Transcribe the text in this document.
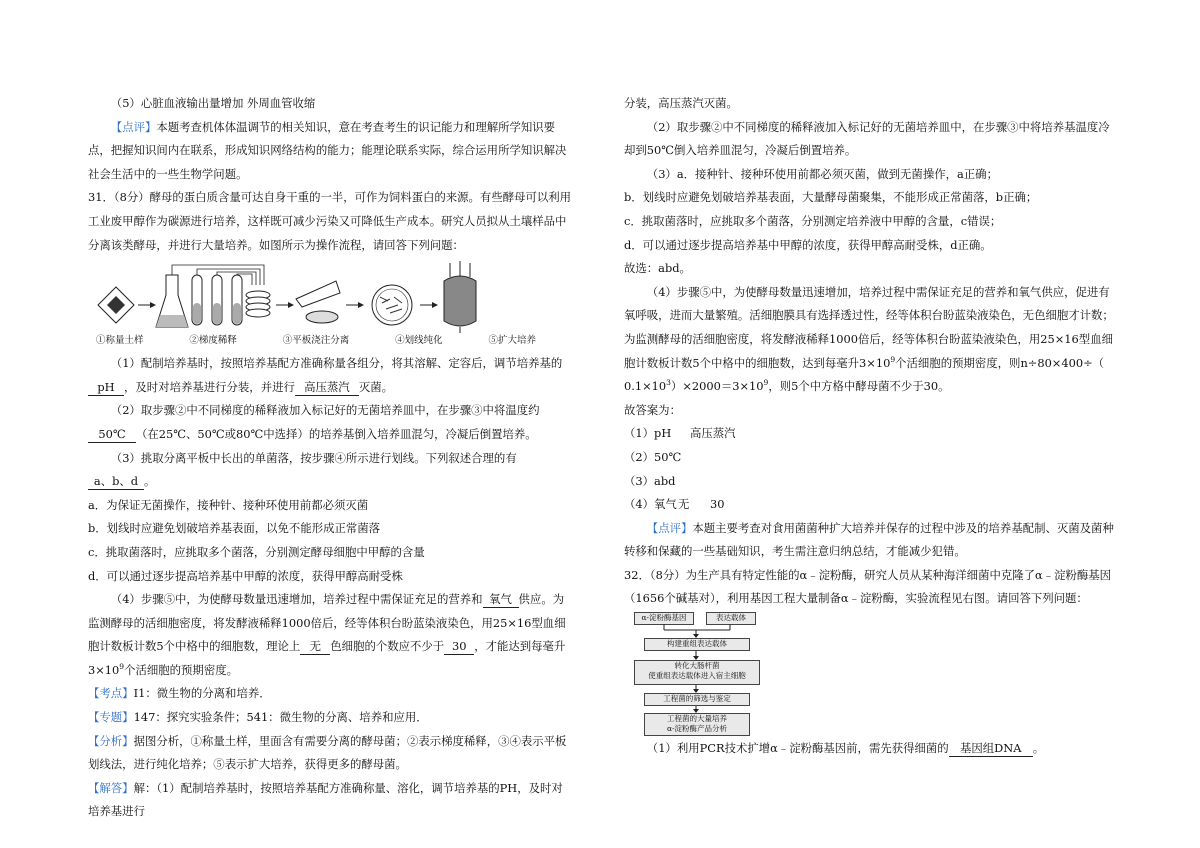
（5）心脏血液输出量增加 外周血管收缩

【点评】本题考查机体体温调节的相关知识，意在考查考生的识记能力和理解所学知识要点，把握知识间内在联系，形成知识网络结构的能力；能理论联系实际，综合运用所学知识解决社会生活中的一些生物学问题。

31．（8分）酵母的蛋白质含量可达自身干重的一半，可作为饲料蛋白的来源。有些酵母可以利用工业废甲醇作为碳源进行培养，这样既可减少污染又可降低生产成本。研究人员拟从土壤样品中分离该类酵母，并进行大量培养。如图所示为操作流程，请回答下列问题：

①称量土样	②梯度稀释	③平板浇注分离	④划线纯化	⑤扩大培养

（1）配制培养基时，按照培养基配方准确称量各组分，将其溶解、定容后，调节培养基的pH ，及时对培养基进行分装，并进行 高压蒸汽 灭菌。

（2）取步骤②中不同梯度的稀释液加入标记好的无菌培养皿中，在步骤③中将温度约50℃ （在25℃、50℃或80℃中选择）的培养基倒入培养皿混匀，冷凝后倒置培养。

（3）挑取分离平板中长出的单菌落，按步骤④所示进行划线。下列叙述合理的有a、b、d 。

a．为保证无菌操作，接种针、接种环使用前都必须灭菌

b．划线时应避免划破培养基表面，以免不能形成正常菌落

c．挑取菌落时，应挑取多个菌落，分别测定酵母细胞中甲醇的含量

d．可以通过逐步提高培养基中甲醇的浓度，获得甲醇高耐受株

（4）步骤⑤中，为使酵母数量迅速增加，培养过程中需保证充足的营养和 氧气 供应。为监测酵母的活细胞密度，将发酵液稀释1000倍后，经等体积台盼蓝染液染色，用25×16型血细胞计数板计数5个中格中的细胞数，理论上 无 色细胞的个数应不少于 30 ，才能达到每毫升$3\times 10^9$个活细胞的预期密度。

【考点】I1：微生物的分离和培养．

【专题】147：探究实验条件；541：微生物的分离、培养和应用．

【分析】据图分析，①称量土样，里面含有需要分离的酵母菌；②表示梯度稀释，③④表示平板划线法，进行纯化培养；⑤表示扩大培养，获得更多的酵母菌。

【解答】解：（1）配制培养基时，按照培养基配方准确称量、溶化，调节培养基的PH，及时对培养基进行

分装，高压蒸汽灭菌。

（2）取步骤②中不同梯度的稀释液加入标记好的无菌培养皿中，在步骤③中将培养基温度冷却到50℃倒入培养皿混匀，冷凝后倒置培养。

（3）a．接种针、接种环使用前都必须灭菌，做到无菌操作，a正确；

b．划线时应避免划破培养基表面，大量酵母菌聚集，不能形成正常菌落，b正确；

c．挑取菌落时，应挑取多个菌落，分别测定培养液中甲醇的含量，c错误；

d．可以通过逐步提高培养基中甲醇的浓度，获得甲醇高耐受株，d正确。

故选：abd。

（4）步骤⑤中，为使酵母数量迅速增加，培养过程中需保证充足的营养和氧气供应，促进有氧呼吸，进而大量繁殖。活细胞膜具有选择透过性，经等体积台盼蓝染液染色，无色细胞才计数；为监测酵母的活细胞密度，将发酵液稀释1000倍后，经等体积台盼蓝染液染色，用25×16型血细胞计数板计数5个中格中的细胞数，达到每毫升$3\times 10^9$个活细胞的预期密度，则n÷80×400÷（ $0.1\times 10^3)\times 2000=3\times 10^9$，则5个中方格中酵母菌不少于30。

故答案为：

（1）pH 高压蒸汽

（2）50℃

（3）abd

（4）氧气无 30

【点评】本题主要考查对食用菌菌种扩大培养并保存的过程中涉及的培养基配制、灭菌及菌种转移和保藏的一些基础知识，考生需注意归纳总结，才能减少犯错。

32．（8分）为生产具有特定性能的α﹣淀粉酶，研究人员从某种海洋细菌中克隆了α﹣淀粉酶基因（1656个碱基对），利用基因工程大量制备α﹣淀粉酶，实验流程见右图。请回答下列问题：

α-淀粉酶基因	表达载体
构建重组表达载体
转化大肠杆菌
使重组表达载体进入宿主细胞
工程菌的筛选与鉴定
工程菌的大量培养
α-淀粉酶产品分析

（1）利用PCR技术扩增α﹣淀粉酶基因前，需先获得细菌的 基因组DNA 。
